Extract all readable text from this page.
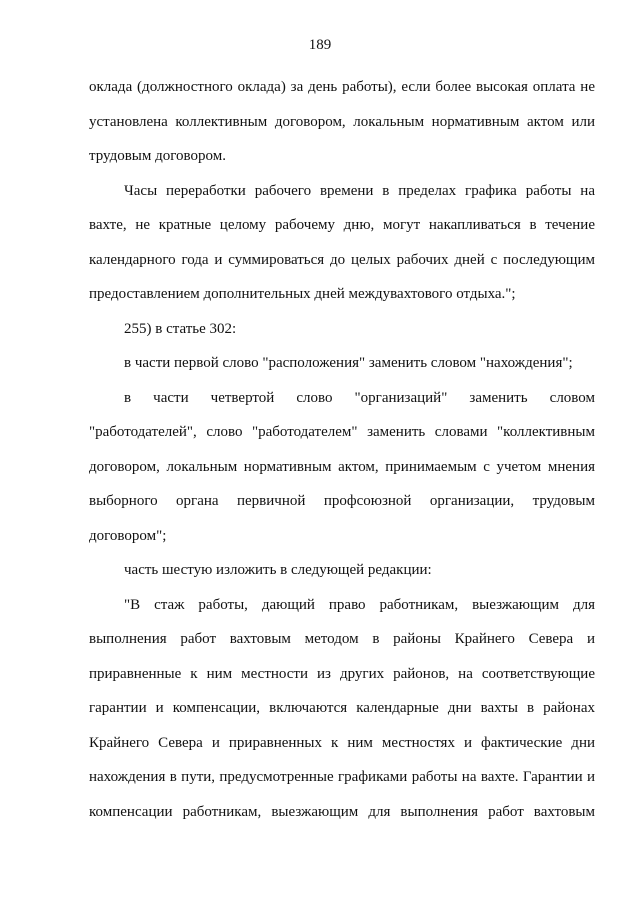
189

оклада (должностного оклада) за день работы), если более высокая оплата не установлена коллективным договором, локальным нормативным актом или трудовым договором.

Часы переработки рабочего времени в пределах графика работы на вахте, не кратные целому рабочему дню, могут накапливаться в течение календарного года и суммироваться до целых рабочих дней с последующим предоставлением дополнительных дней междувахтового отдыха.";

255) в статье 302:

в части первой слово "расположения" заменить словом "нахождения";

в части четвертой слово "организаций" заменить словом "работодателей", слово "работодателем" заменить словами "коллективным договором, локальным нормативным актом, принимаемым с учетом мнения выборного органа первичной профсоюзной организации, трудовым договором";

часть шестую изложить в следующей редакции:

"В стаж работы, дающий право работникам, выезжающим для выполнения работ вахтовым методом в районы Крайнего Севера и приравненные к ним местности из других районов, на соответствующие гарантии и компенсации, включаются календарные дни вахты в районах Крайнего Севера и приравненных к ним местностях и фактические дни нахождения в пути, предусмотренные графиками работы на вахте. Гарантии и компенсации работникам, выезжающим для выполнения работ вахтовым
